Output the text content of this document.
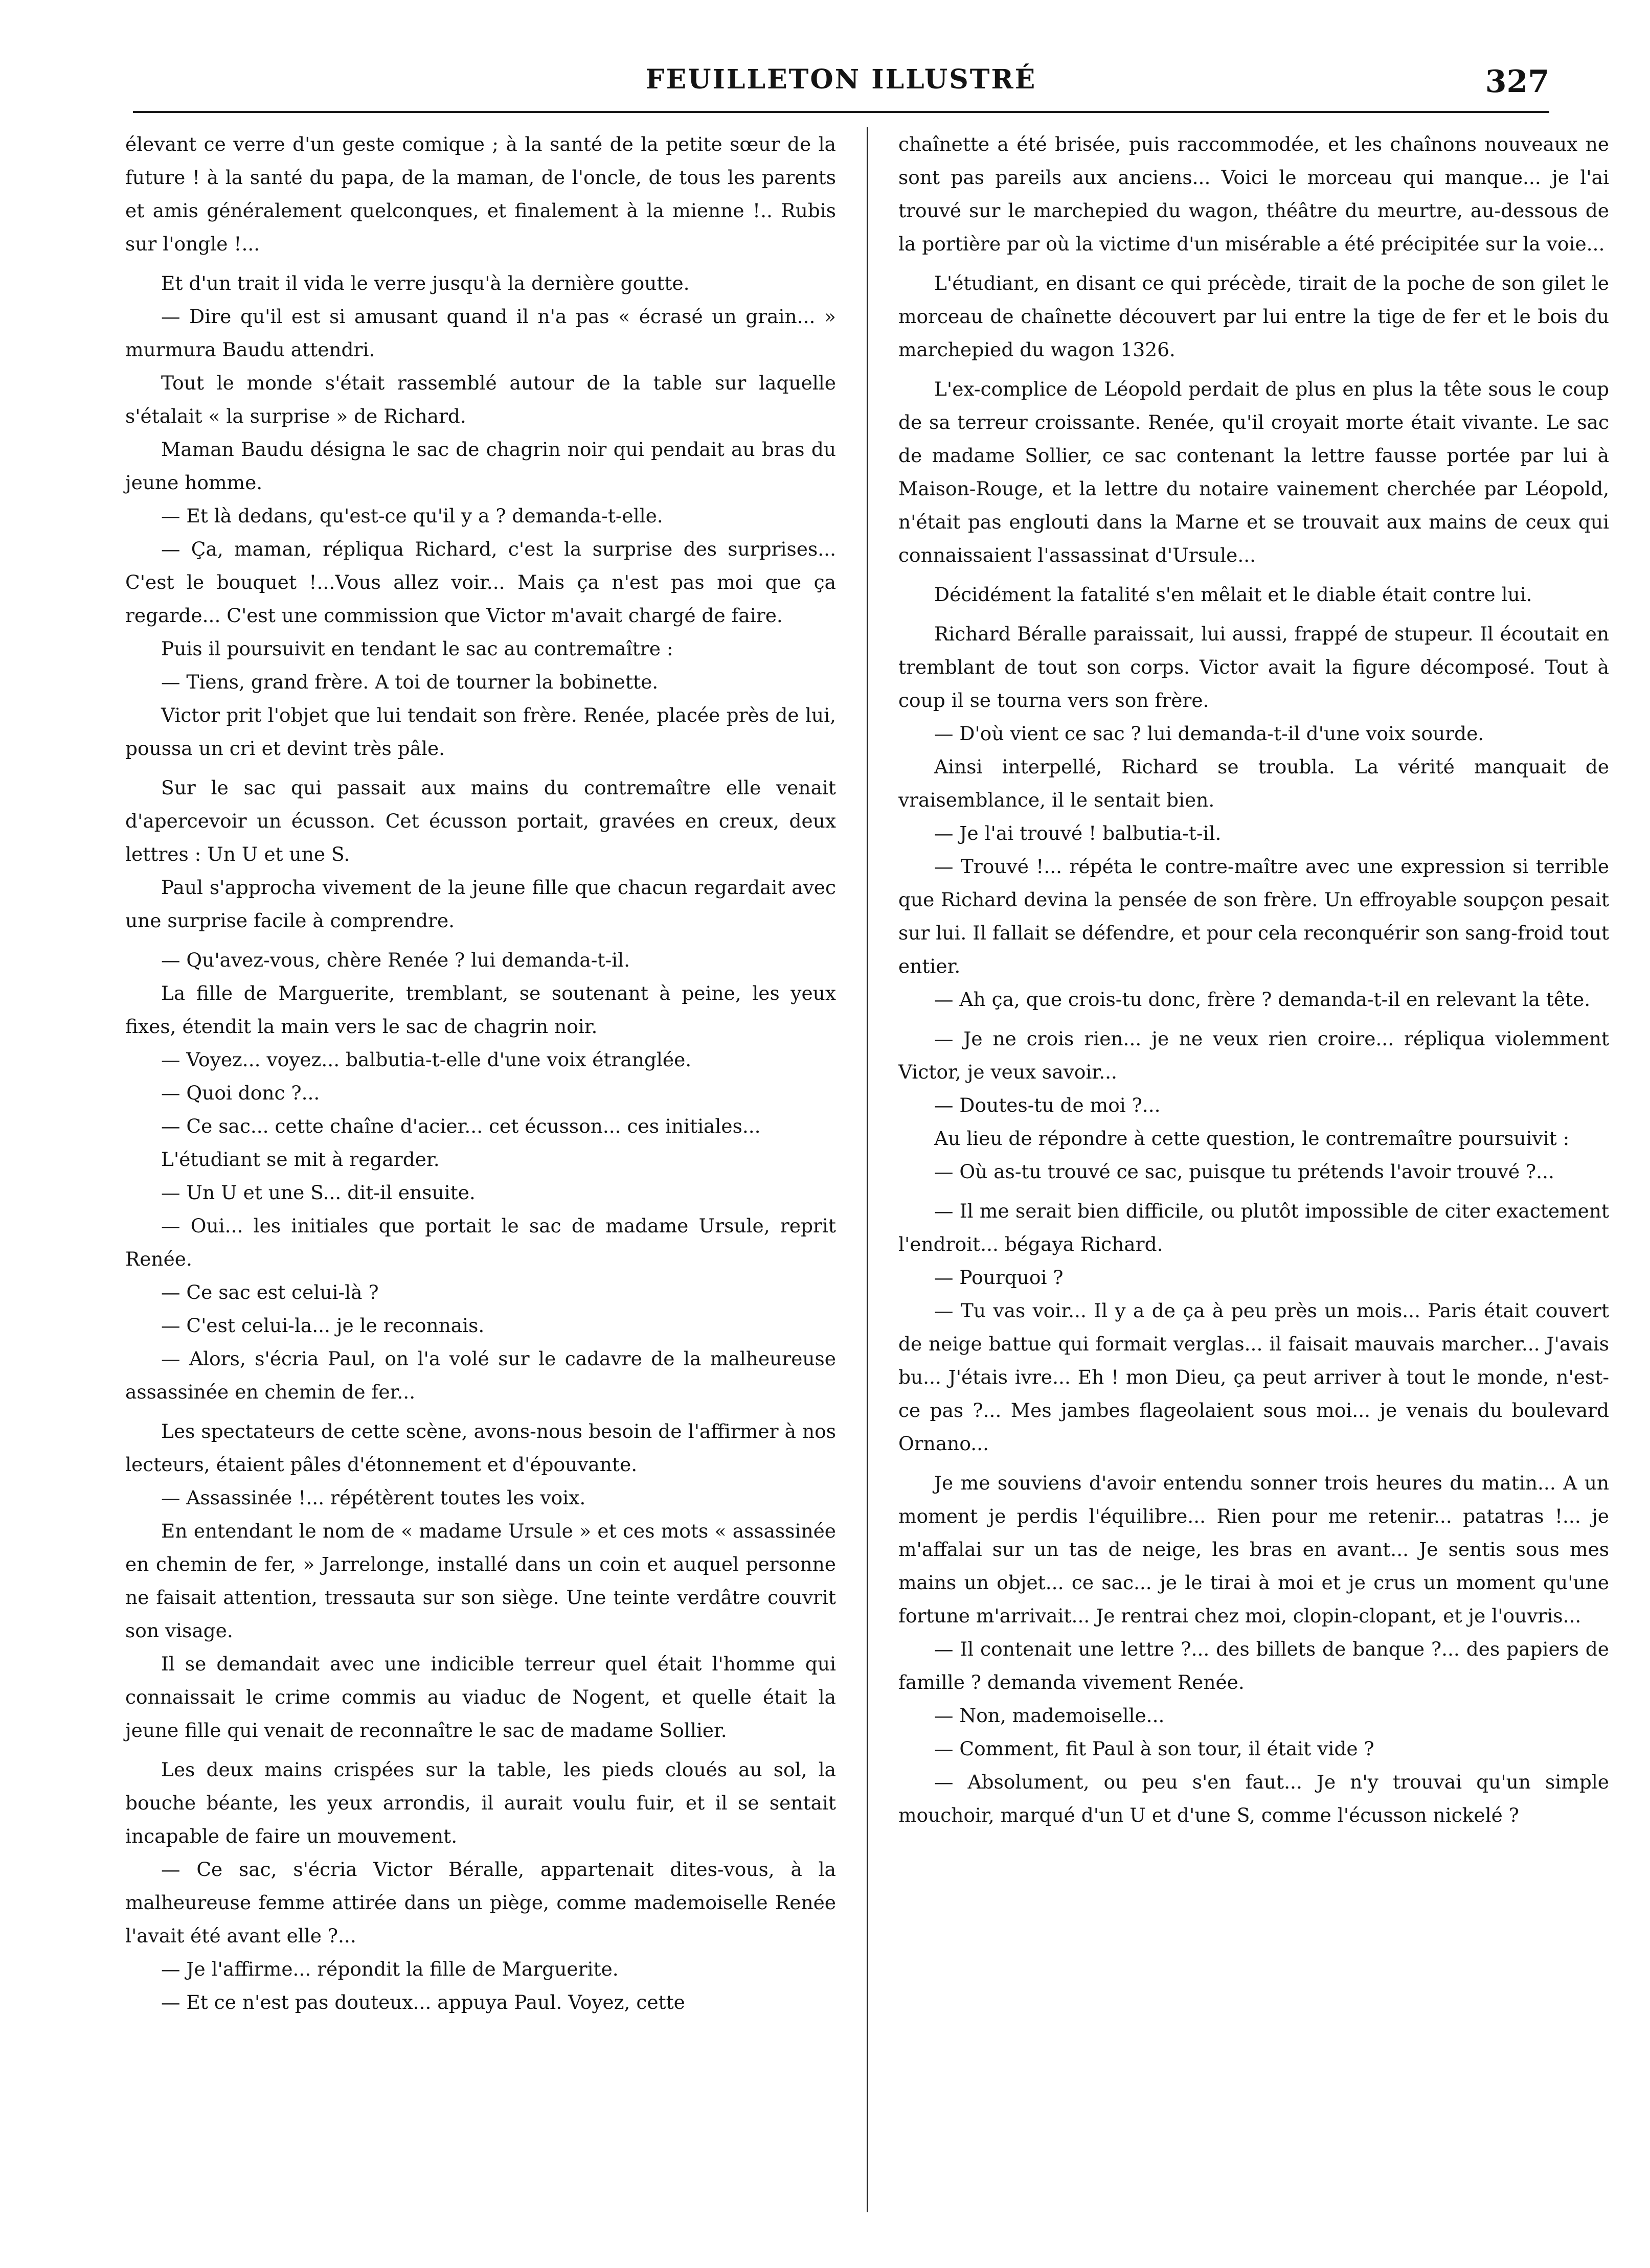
FEUILLETON ILLUSTRÉ	327

élevant ce verre d'un geste comique ; à la santé de la petite sœur de la future ! à la santé du papa, de la maman, de l'oncle, de tous les parents et amis généralement quelconques, et finalement à la mienne !.. Rubis sur l'ongle !...

Et d'un trait il vida le verre jusqu'à la dernière goutte.

— Dire qu'il est si amusant quand il n'a pas « écrasé un grain... » murmura Baudu attendri.

Tout le monde s'était rassemblé autour de la table sur laquelle s'étalait « la surprise » de Richard.

Maman Baudu désigna le sac de chagrin noir qui pendait au bras du jeune homme.

— Et là dedans, qu'est-ce qu'il y a ? demanda-t-elle.

— Ça, maman, répliqua Richard, c'est la surprise des surprises... C'est le bouquet !...Vous allez voir... Mais ça n'est pas moi que ça regarde... C'est une commission que Victor m'avait chargé de faire.

Puis il poursuivit en tendant le sac au contremaître :

— Tiens, grand frère. A toi de tourner la bobinette.

Victor prit l'objet que lui tendait son frère. Renée, placée près de lui, poussa un cri et devint très pâle.

Sur le sac qui passait aux mains du contremaître elle venait d'apercevoir un écusson. Cet écusson portait, gravées en creux, deux lettres : Un U et une S.

Paul s'approcha vivement de la jeune fille que chacun regardait avec une surprise facile à comprendre.

— Qu'avez-vous, chère Renée ? lui demanda-t-il.

La fille de Marguerite, tremblant, se soutenant à peine, les yeux fixes, étendit la main vers le sac de chagrin noir.

— Voyez... voyez... balbutia-t-elle d'une voix étranglée.

— Quoi donc ?...

— Ce sac... cette chaîne d'acier... cet écusson... ces initiales...

L'étudiant se mit à regarder.

— Un U et une S... dit-il ensuite.

— Oui... les initiales que portait le sac de madame Ursule, reprit Renée.

— Ce sac est celui-là ?

— C'est celui-la... je le reconnais.

— Alors, s'écria Paul, on l'a volé sur le cadavre de la malheureuse assassinée en chemin de fer...

Les spectateurs de cette scène, avons-nous besoin de l'affirmer à nos lecteurs, étaient pâles d'étonnement et d'épouvante.

— Assassinée !... répétèrent toutes les voix.

En entendant le nom de « madame Ursule » et ces mots « assassinée en chemin de fer, » Jarrelonge, installé dans un coin et auquel personne ne faisait attention, tressauta sur son siège. Une teinte verdâtre couvrit son visage.

Il se demandait avec une indicible terreur quel était l'homme qui connaissait le crime commis au viaduc de Nogent, et quelle était la jeune fille qui venait de reconnaître le sac de madame Sollier.

Les deux mains crispées sur la table, les pieds cloués au sol, la bouche béante, les yeux arrondis, il aurait voulu fuir, et il se sentait incapable de faire un mouvement.

— Ce sac, s'écria Victor Béralle, appartenait dites-vous, à la malheureuse femme attirée dans un piège, comme mademoiselle Renée l'avait été avant elle ?...

— Je l'affirme... répondit la fille de Marguerite.

— Et ce n'est pas douteux... appuya Paul. Voyez, cette

chaînette a été brisée, puis raccommodée, et les chaînons nouveaux ne sont pas pareils aux anciens... Voici le morceau qui manque... je l'ai trouvé sur le marchepied du wagon, théâtre du meurtre, au-dessous de la portière par où la victime d'un misérable a été précipitée sur la voie...

L'étudiant, en disant ce qui précède, tirait de la poche de son gilet le morceau de chaînette découvert par lui entre la tige de fer et le bois du marchepied du wagon 1326.

L'ex-complice de Léopold perdait de plus en plus la tête sous le coup de sa terreur croissante. Renée, qu'il croyait morte était vivante. Le sac de madame Sollier, ce sac contenant la lettre fausse portée par lui à Maison-Rouge, et la lettre du notaire vainement cherchée par Léopold, n'était pas englouti dans la Marne et se trouvait aux mains de ceux qui connaissaient l'assassinat d'Ursule...

Décidément la fatalité s'en mêlait et le diable était contre lui.

Richard Béralle paraissait, lui aussi, frappé de stupeur. Il écoutait en tremblant de tout son corps. Victor avait la figure décomposé. Tout à coup il se tourna vers son frère.

— D'où vient ce sac ? lui demanda-t-il d'une voix sourde.

Ainsi interpellé, Richard se troubla. La vérité manquait de vraisemblance, il le sentait bien.

— Je l'ai trouvé ! balbutia-t-il.

— Trouvé !... répéta le contre-maître avec une expression si terrible que Richard devina la pensée de son frère. Un effroyable soupçon pesait sur lui. Il fallait se défendre, et pour cela reconquérir son sang-froid tout entier.

— Ah ça, que crois-tu donc, frère ? demanda-t-il en relevant la tête.

— Je ne crois rien... je ne veux rien croire... répliqua violemment Victor, je veux savoir...

— Doutes-tu de moi ?...

Au lieu de répondre à cette question, le contremaître poursuivit :

— Où as-tu trouvé ce sac, puisque tu prétends l'avoir trouvé ?...

— Il me serait bien difficile, ou plutôt impossible de citer exactement l'endroit... bégaya Richard.

— Pourquoi ?

— Tu vas voir... Il y a de ça à peu près un mois... Paris était couvert de neige battue qui formait verglas... il faisait mauvais marcher... J'avais bu... J'étais ivre... Eh ! mon Dieu, ça peut arriver à tout le monde, n'est-ce pas ?... Mes jambes flageolaient sous moi... je venais du boulevard Ornano...

Je me souviens d'avoir entendu sonner trois heures du matin... A un moment je perdis l'équilibre... Rien pour me retenir... patatras !... je m'affalai sur un tas de neige, les bras en avant... Je sentis sous mes mains un objet... ce sac... je le tirai à moi et je crus un moment qu'une fortune m'arrivait... Je rentrai chez moi, clopin-clopant, et je l'ouvris...

— Il contenait une lettre ?... des billets de banque ?... des papiers de famille ? demanda vivement Renée.

— Non, mademoiselle...

— Comment, fit Paul à son tour, il était vide ?

— Absolument, ou peu s'en faut... Je n'y trouvai qu'un simple mouchoir, marqué d'un U et d'une S, comme l'écusson nickelé ?
